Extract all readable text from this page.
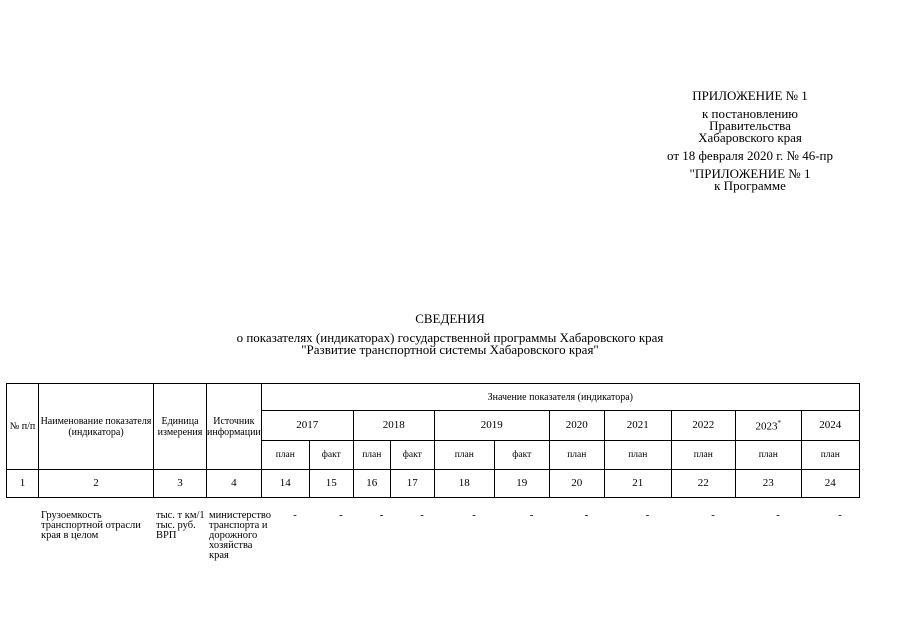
ПРИЛОЖЕНИЕ № 1
к постановлению
Правительства
Хабаровского края
от 18 февраля 2020 г. № 46-пр
"ПРИЛОЖЕНИЕ № 1
к Программе
СВЕДЕНИЯ
о показателях (индикаторах) государственной программы Хабаровского края
"Развитие транспортной системы Хабаровского края"
№ п/п	Наименование показателя (индикатора)	Единица измерения	Источник информации	Значение показателя (индикатора)										
				2017		2018		2019		2020	2021	2022	2023*	2024
				план	факт	план	факт	план	факт	план	план	план	план	план
1	2	3	4	14	15	16	17	18	19	20	21	22	23	24
	Грузоемкость транспортной отрасли края в целом	тыс. т км/1 тыс. руб. ВРП	министерство транспорта и дорожного хозяйства края	-	-	-	-	-	-	-	-	-	-	-
